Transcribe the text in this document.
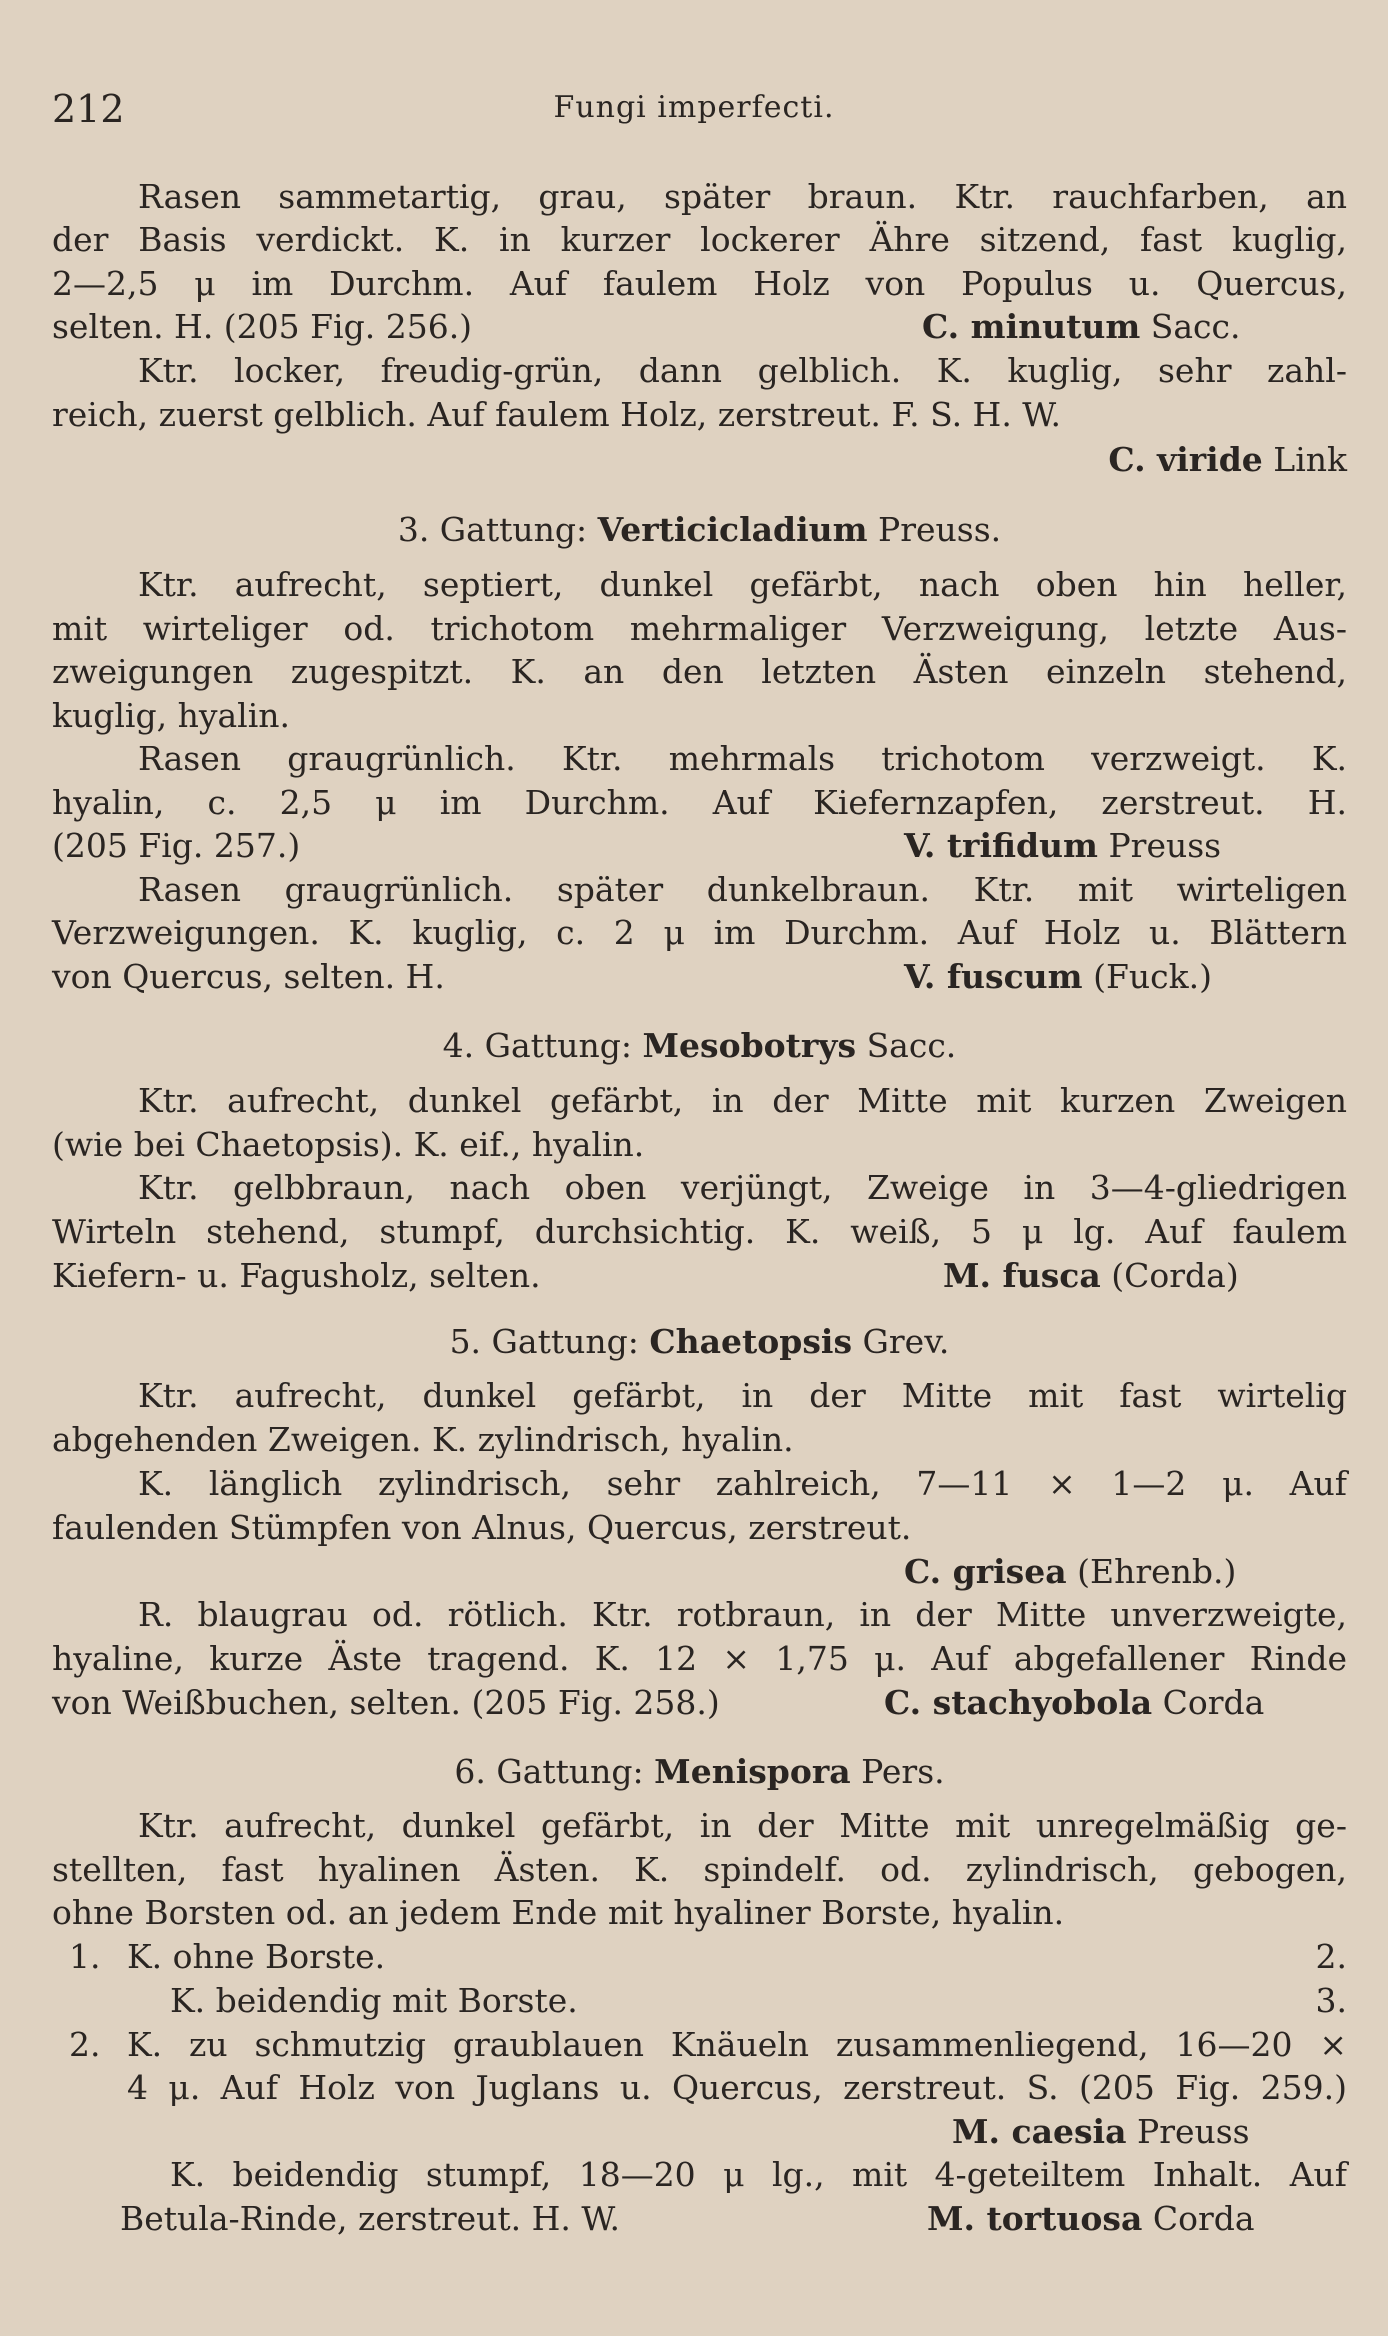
212	Fungi imperfecti.
Rasen sammetartig, grau, später braun. Ktr. rauchfarben, an
der Basis verdickt. K. in kurzer lockerer Ähre sitzend, fast kuglig,
2—2,5 μ im Durchm. Auf faulem Holz von Populus u. Quercus,
selten. H. (205 Fig. 256.)	C. minutum Sacc.
Ktr. locker, freudig-grün, dann gelblich. K. kuglig, sehr zahl-
reich, zuerst gelblich. Auf faulem Holz, zerstreut. F. S. H. W.
C. viride Link
3. Gattung: Verticicladium Preuss.
Ktr. aufrecht, septiert, dunkel gefärbt, nach oben hin heller,
mit wirteliger od. trichotom mehrmaliger Verzweigung, letzte Aus-
zweigungen zugespitzt. K. an den letzten Ästen einzeln stehend,
kuglig, hyalin.
Rasen graugrünlich. Ktr. mehrmals trichotom verzweigt. K.
hyalin, c. 2,5 μ im Durchm. Auf Kiefernzapfen, zerstreut. H.
(205 Fig. 257.)	V. trifidum Preuss
Rasen graugrünlich. später dunkelbraun. Ktr. mit wirteligen
Verzweigungen. K. kuglig, c. 2 μ im Durchm. Auf Holz u. Blättern
von Quercus, selten. H.	V. fuscum (Fuck.)
4. Gattung: Mesobotrys Sacc.
Ktr. aufrecht, dunkel gefärbt, in der Mitte mit kurzen Zweigen
(wie bei Chaetopsis). K. eif., hyalin.
Ktr. gelbbraun, nach oben verjüngt, Zweige in 3—4-gliedrigen
Wirteln stehend, stumpf, durchsichtig. K. weiß, 5 μ lg. Auf faulem
Kiefern- u. Fagusholz, selten.	M. fusca (Corda)
5. Gattung: Chaetopsis Grev.
Ktr. aufrecht, dunkel gefärbt, in der Mitte mit fast wirtelig
abgehenden Zweigen. K. zylindrisch, hyalin.
K. länglich zylindrisch, sehr zahlreich, 7—11 × 1—2 μ. Auf
faulenden Stümpfen von Alnus, Quercus, zerstreut.
C. grisea (Ehrenb.)
R. blaugrau od. rötlich. Ktr. rotbraun, in der Mitte unverzweigte,
hyaline, kurze Äste tragend. K. 12 × 1,75 μ. Auf abgefallener Rinde
von Weißbuchen, selten. (205 Fig. 258.)	C. stachyobola Corda
6. Gattung: Menispora Pers.
Ktr. aufrecht, dunkel gefärbt, in der Mitte mit unregelmäßig ge-
stellten, fast hyalinen Ästen. K. spindelf. od. zylindrisch, gebogen,
ohne Borsten od. an jedem Ende mit hyaliner Borste, hyalin.
1. K. ohne Borste.	2.
K. beidendig mit Borste.	3.
2. K. zu schmutzig graublauen Knäueln zusammenliegend, 16—20 ×
4 μ. Auf Holz von Juglans u. Quercus, zerstreut. S. (205 Fig. 259.)
M. caesia Preuss
K. beidendig stumpf, 18—20 μ lg., mit 4-geteiltem Inhalt. Auf
Betula-Rinde, zerstreut. H. W.	M. tortuosa Corda
